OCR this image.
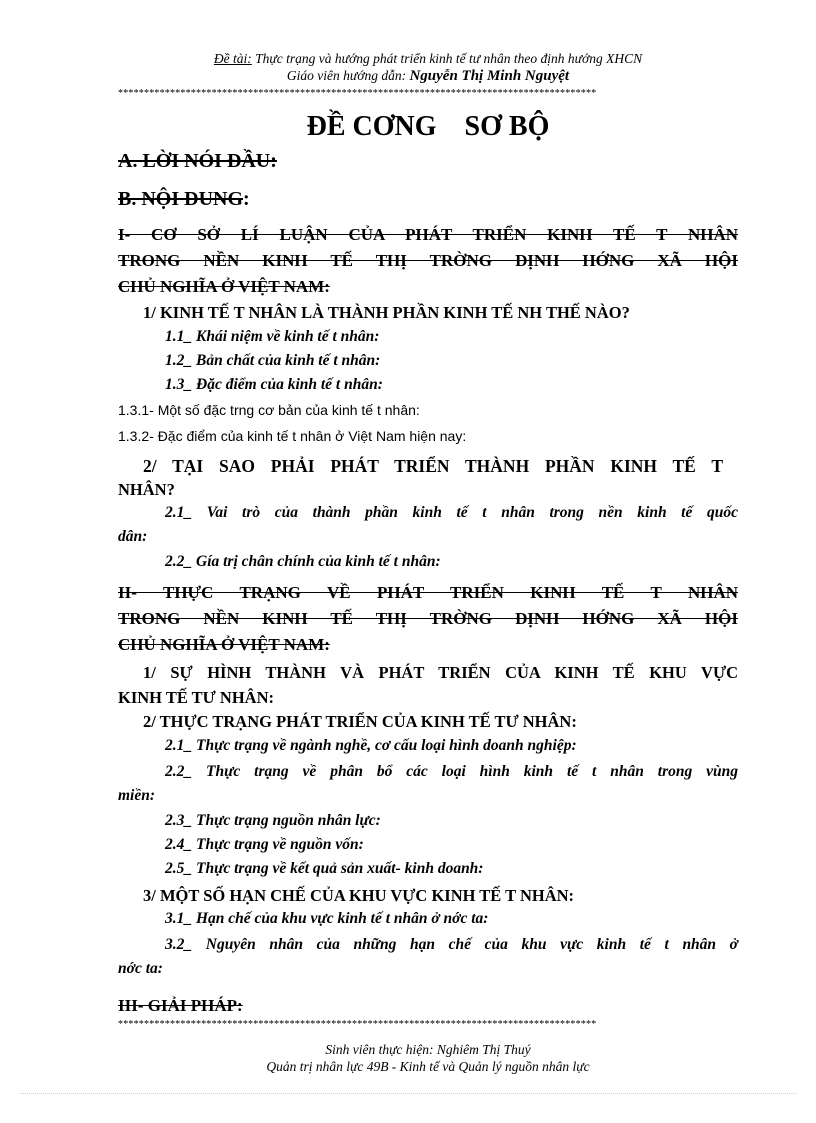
Đề tài: Thực trạng và hướng phát triển kinh tế tư nhân theo định hướng XHCN
Giáo viên hướng dẫn: Nguyễn Thị Minh Nguyệt
********************************************************************************************
ĐỀ CƠNG    SƠ BỘ
A. LỜI NÓI ĐẦU:
B. NỘI DUNG:
I- CƠ SỞ LÍ LUẬN CỦA PHÁT TRIỂN KINH TẾ T NHÂN
TRONG NỀN KINH TẾ THỊ TRỜNG ĐỊNH HỚNG XÃ HỘI
CHỦ NGHĨA Ở VIỆT NAM:
1/ KINH TẾ T NHÂN LÀ THÀNH PHẦN KINH TẾ NH THẾ NÀO?
1.1_ Khái niệm về kinh tế t nhân:
1.2_ Bản chất của kinh tế t nhân:
1.3_ Đặc điểm của kinh tế t nhân:
1.3.1- Một số đặc trng cơ bản của kinh tế t nhân:
1.3.2- Đặc điểm của kinh tế t nhân ở Việt Nam hiện nay:
2/ TẠI SAO PHẢI PHÁT TRIỂN THÀNH PHẦN KINH TẾ T
NHÂN?
2.1_ Vai trò của thành phần kinh tế t nhân trong nền kinh tế quốc
dân:
2.2_ Gía trị chân chính của kinh tế t nhân:
II- THỰC TRẠNG VỀ PHÁT TRIỂN KINH TẾ T NHÂN
TRONG NỀN KINH TẾ THỊ TRỜNG ĐỊNH HỚNG XÃ HỘI
CHỦ NGHĨA Ở VIỆT NAM:
1/ SỰ HÌNH THÀNH VÀ PHÁT TRIỂN CỦA KINH TẾ KHU VỰC
KINH TẾ TƯ NHÂN:
2/ THỰC TRẠNG PHÁT TRIỂN CỦA KINH TẾ TƯ NHÂN:
2.1_ Thực trạng về ngành nghề, cơ cấu loại hình doanh nghiệp:
2.2_ Thực trạng về phân bổ các loại hình kinh tế t nhân trong vùng
miền:
2.3_ Thực trạng nguồn nhân lực:
2.4_ Thực trạng về nguồn vốn:
2.5_ Thực trạng về kết quả sản xuất- kinh doanh:
3/ MỘT SỐ HẠN CHẾ CỦA KHU VỰC KINH TẾ T NHÂN:
3.1_ Hạn chế của khu vực kinh tế t nhân ở nớc ta:
3.2_ Nguyên nhân của những hạn chế của khu vực kinh tế t nhân ở
nớc ta:
III- GIẢI PHÁP:
********************************************************************************************
Sinh viên thực hiện: Nghiêm Thị Thuý
Quản trị nhân lực 49B - Kinh tế và Quản lý nguồn nhân lực
